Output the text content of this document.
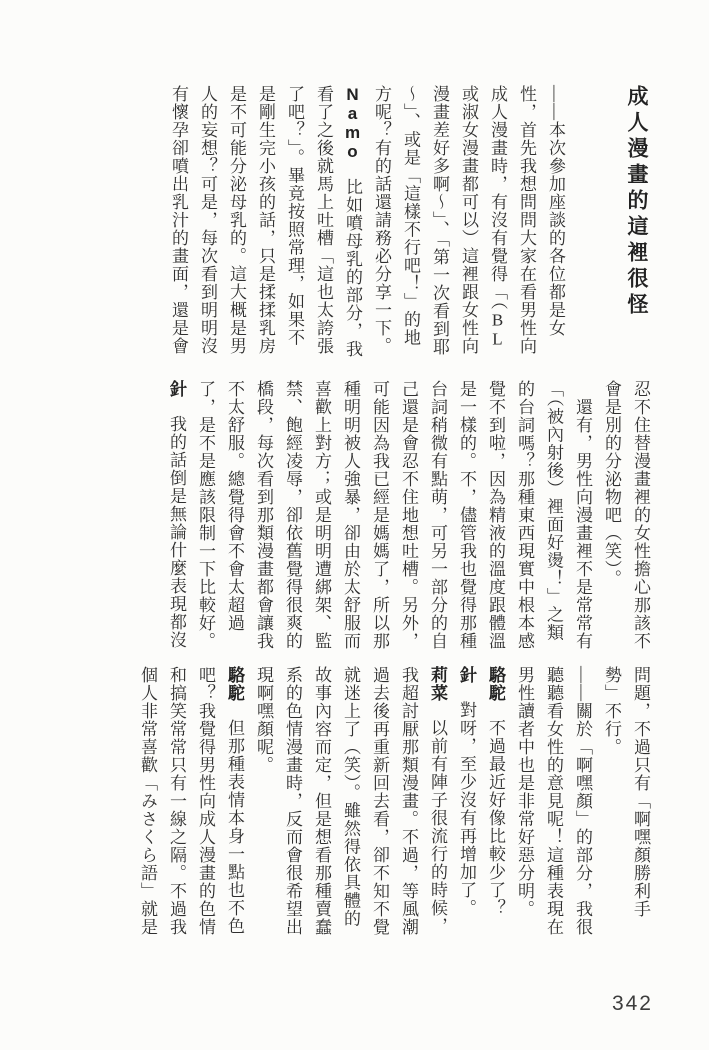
成人漫畫的這裡很怪

——本次參加座談的各位都是女性，首先我想問問大家在看男性向成人漫畫時，有沒有覺得「（BL或淑女漫畫都可以）這裡跟女性向漫畫差好多啊～」、「第一次看到耶～」、或是「這樣不行吧！」的地方呢？有的話還請務必分享一下。

Namo比如噴母乳的部分，我看了之後就馬上吐槽「這也太誇張了吧？」。畢竟按照常理，如果不是剛生完小孩的話，只是揉揉乳房是不可能分泌母乳的。這大概是男人的妄想？可是，每次看到明明沒有懷孕卻噴出乳汁的畫面，還是會

忍不住替漫畫裡的女性擔心那該不會是別的分泌物吧（笑）。

還有，男性向漫畫裡不是常常有「（被內射後）裡面好燙！」之類的台詞嗎？那種東西現實中根本感覺不到啦，因為精液的溫度跟體溫是一樣的。不，儘管我也覺得那種台詞稍微有點萌，可另一部分的自己還是會忍不住地想吐槽。另外，可能因為我已經是媽媽了，所以那種明明被人強暴，卻由於太舒服而喜歡上對方；或是明明遭綁架、監禁、飽經凌辱，卻依舊覺得很爽的橋段，每次看到那類漫畫都會讓我不太舒服。總覺得會不會太超過了，是不是應該限制一下比較好。

針我的話倒是無論什麼表現都沒

問題，不過只有「啊嘿顏勝利手勢」不行。

——關於「啊嘿顏」的部分，我很聽聽看女性的意見呢！這種表現在男性讀者中也是非常好惡分明。

駱駝不過最近好像比較少了？

針對呀，至少沒有再增加了。

莉菜以前有陣子很流行的時候，我超討厭那類漫畫。不過，等風潮過去後再重新回去看，卻不知不覺就迷上了（笑）。雖然得依具體的故事內容而定，但是想看那種賣蠢系的色情漫畫時，反而會很希望出現啊嘿顏呢。

駱駝但那種表情本身一點也不色吧？我覺得男性向成人漫畫的色情和搞笑常常只有一線之隔。不過我個人非常喜歡「みさくら語」就是

342
